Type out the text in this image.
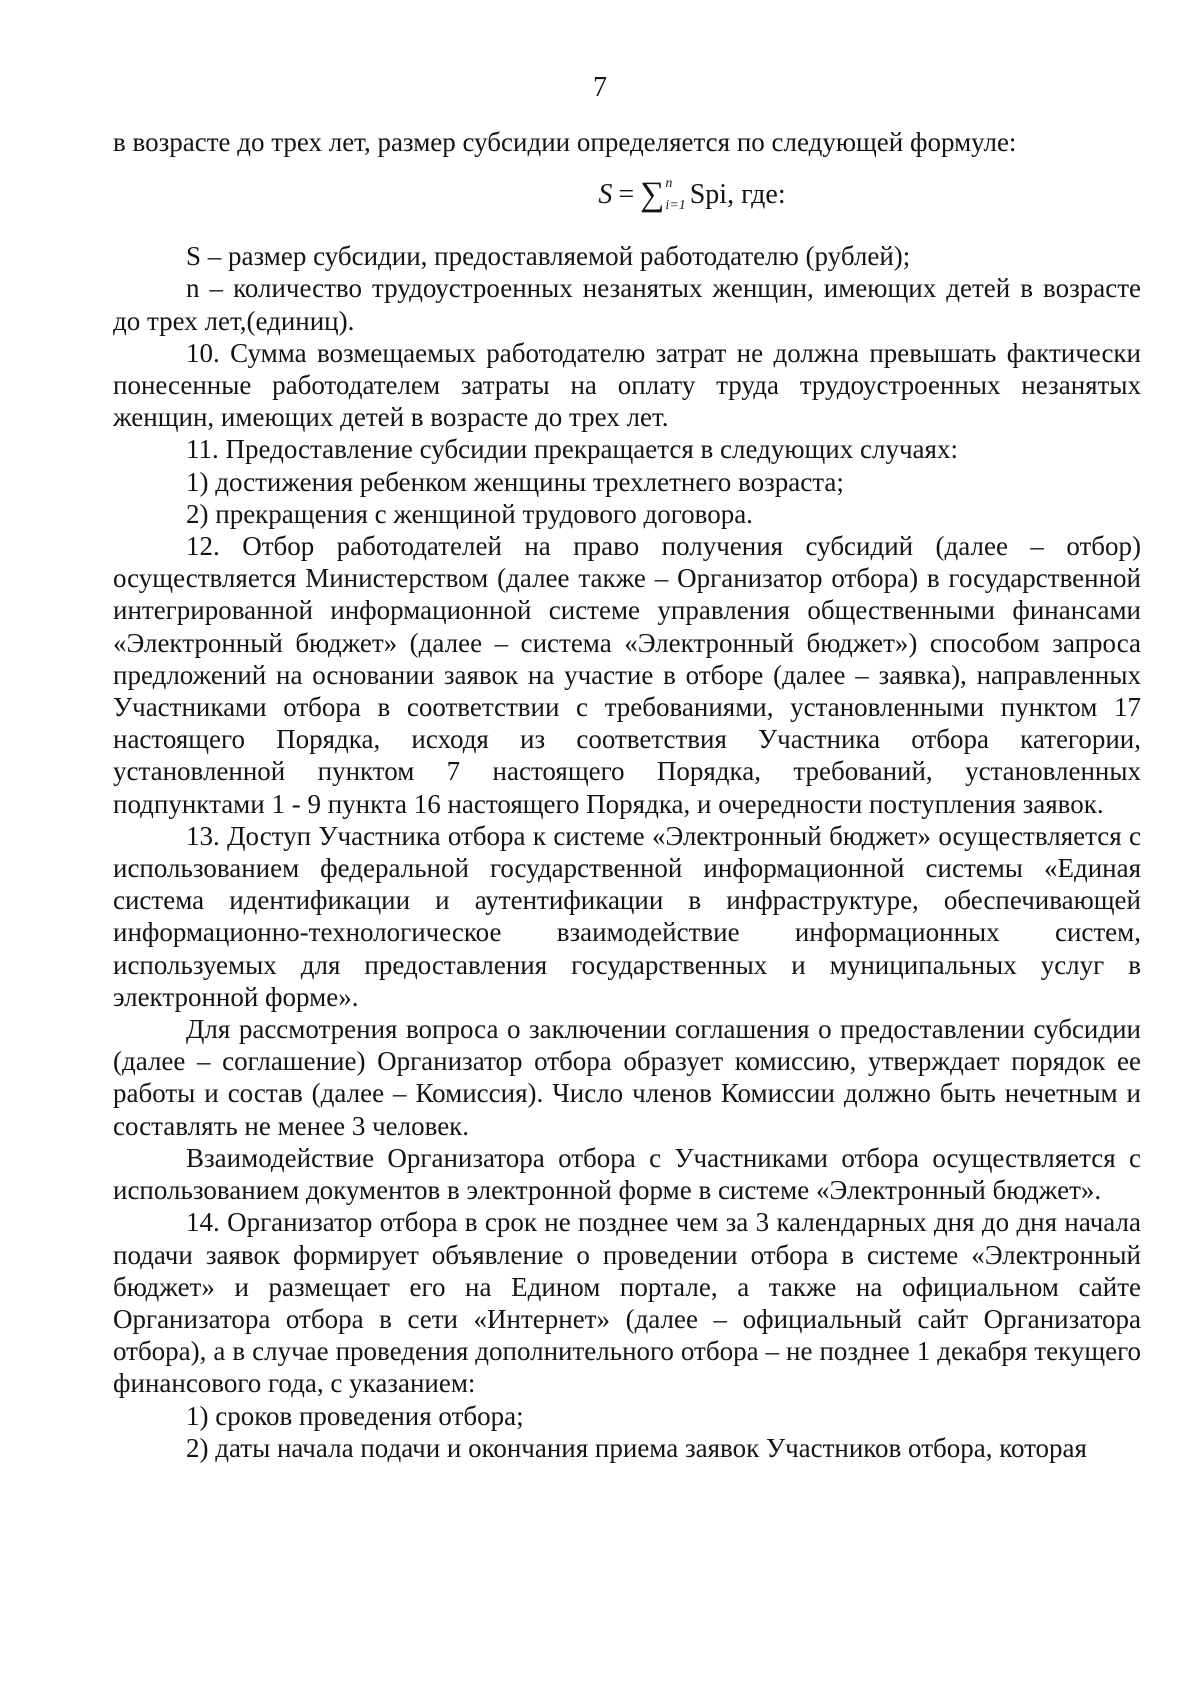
7

в возрасте до трех лет, размер субсидии определяется по следующей формуле:

S = ∑ n
i=1 Spi , где:

S – размер субсидии, предоставляемой работодателю (рублей);

n – количество трудоустроенных незанятых женщин, имеющих детей в возрасте до трех лет,(единиц).

10. Сумма возмещаемых работодателю затрат не должна превышать фактически понесенные работодателем затраты на оплату труда трудоустроенных незанятых женщин, имеющих детей в возрасте до трех лет.

11. Предоставление субсидии прекращается в следующих случаях:

1) достижения ребенком женщины трехлетнего возраста;

2) прекращения с женщиной трудового договора.

12. Отбор работодателей на право получения субсидий (далее – отбор) осуществляется Министерством (далее также – Организатор отбора) в государственной интегрированной информационной системе управления общественными финансами «Электронный бюджет» (далее – система «Электронный бюджет») способом запроса предложений на основании заявок на участие в отборе (далее – заявка), направленных Участниками отбора в соответствии с требованиями, установленными пунктом 17 настоящего Порядка, исходя из соответствия Участника отбора категории, установленной пунктом 7 настоящего Порядка, требований, установленных подпунктами 1 - 9 пункта 16 настоящего Порядка, и очередности поступления заявок.

13. Доступ Участника отбора к системе «Электронный бюджет» осуществляется с использованием федеральной государственной информационной системы «Единая система идентификации и аутентификации в инфраструктуре, обеспечивающей информационно-технологическое взаимодействие информационных систем, используемых для предоставления государственных и муниципальных услуг в электронной форме».

Для рассмотрения вопроса о заключении соглашения о предоставлении субсидии (далее – соглашение) Организатор отбора образует комиссию, утверждает порядок ее работы и состав (далее – Комиссия). Число членов Комиссии должно быть нечетным и составлять не менее 3 человек.

Взаимодействие Организатора отбора с Участниками отбора осуществляется с использованием документов в электронной форме в системе «Электронный бюджет».

14. Организатор отбора в срок не позднее чем за 3 календарных дня до дня начала подачи заявок формирует объявление о проведении отбора в системе «Электронный бюджет» и размещает его на Едином портале, а также на официальном сайте Организатора отбора в сети «Интернет» (далее – официальный сайт Организатора отбора), а в случае проведения дополнительного отбора – не позднее 1 декабря текущего финансового года, с указанием:

1) сроков проведения отбора;

2) даты начала подачи и окончания приема заявок Участников отбора, которая
